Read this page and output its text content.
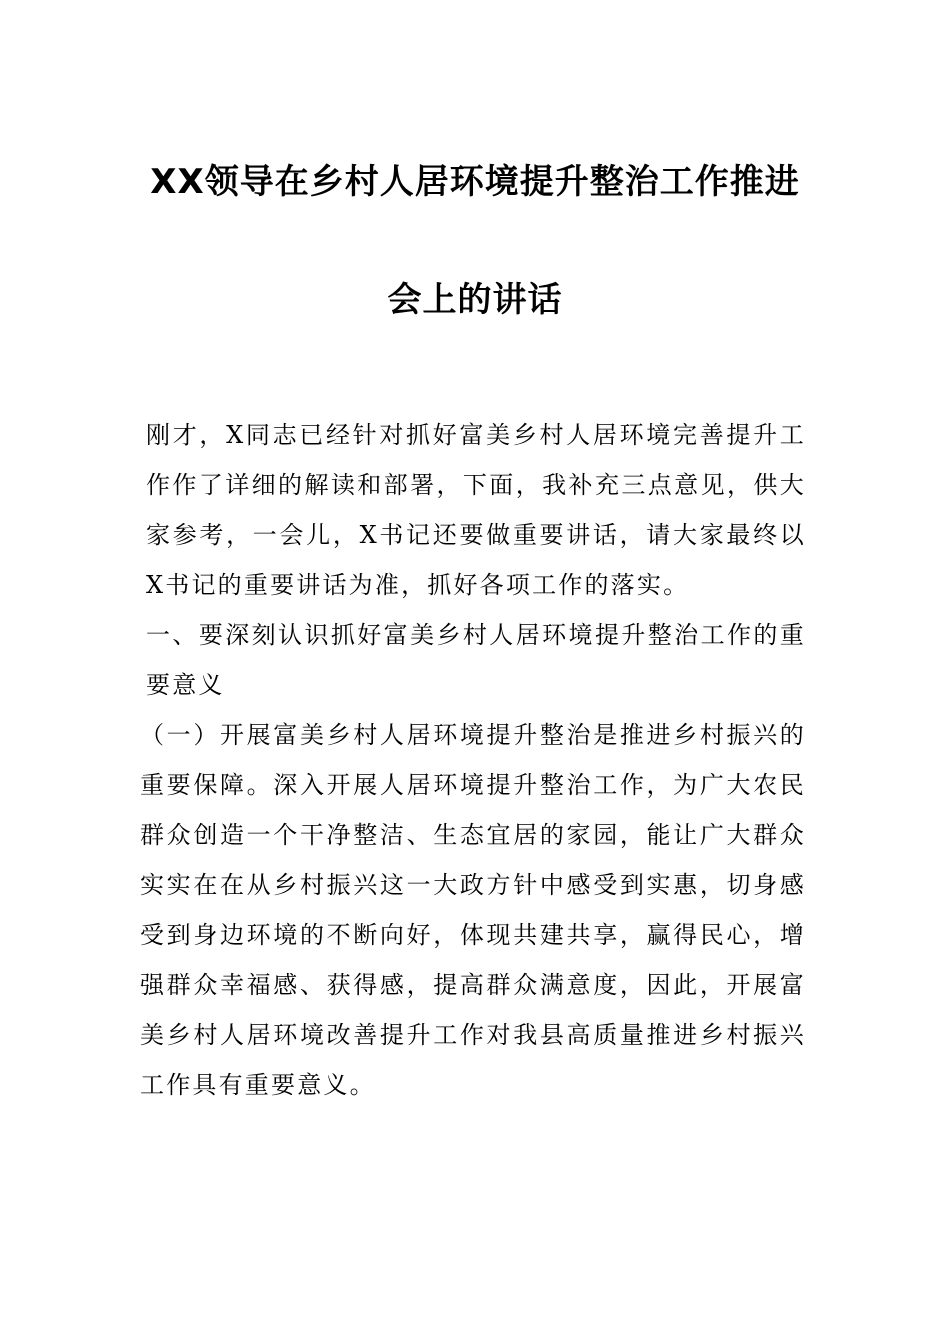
XX领导在乡村人居环境提升整治工作推进
会上的讲话

刚才，X同志已经针对抓好富美乡村人居环境完善提升工作作了详细的解读和部署，下面，我补充三点意见，供大家参考，一会儿，X书记还要做重要讲话，请大家最终以X书记的重要讲话为准，抓好各项工作的落实。

一、要深刻认识抓好富美乡村人居环境提升整治工作的重要意义

（一）开展富美乡村人居环境提升整治是推进乡村振兴的重要保障。深入开展人居环境提升整治工作，为广大农民群众创造一个干净整洁、生态宜居的家园，能让广大群众实实在在从乡村振兴这一大政方针中感受到实惠，切身感受到身边环境的不断向好，体现共建共享，赢得民心，增强群众幸福感、获得感，提高群众满意度，因此，开展富美乡村人居环境改善提升工作对我县高质量推进乡村振兴工作具有重要意义。
